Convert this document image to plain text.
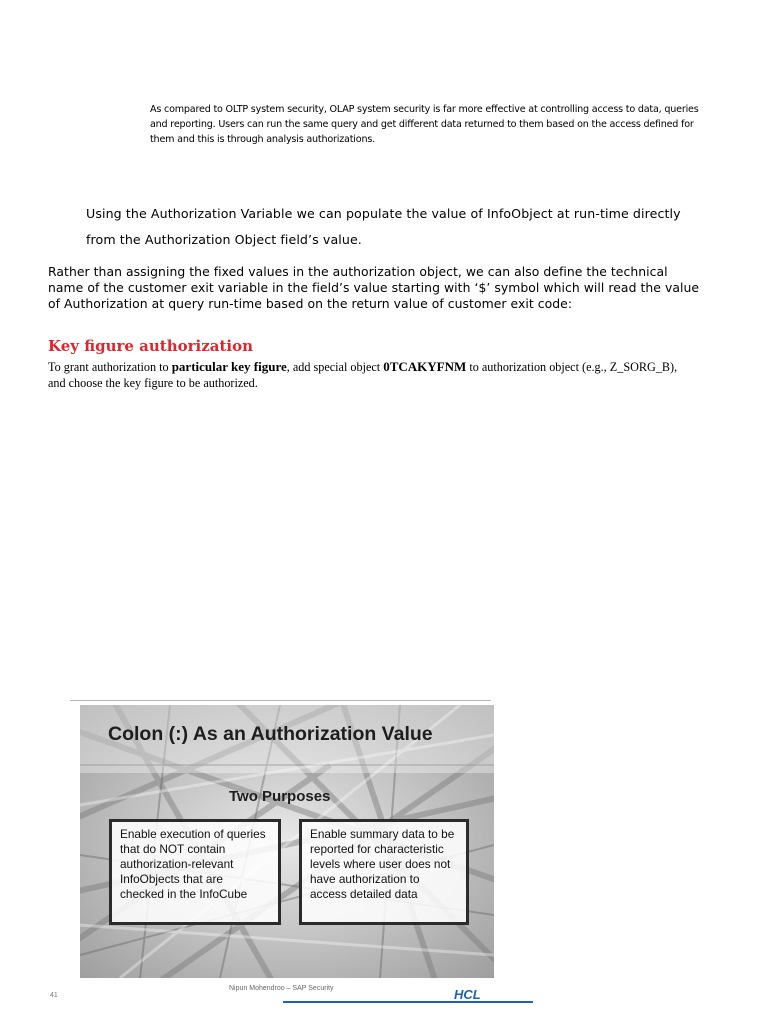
As compared to OLTP system security, OLAP system security is far more effective at controlling access to data, queries
and reporting. Users can run the same query and get different data returned to them based on the access defined for
them and this is through analysis authorizations.
Using the Authorization Variable we can populate the value of InfoObject at run-time directly
from the Authorization Object field’s value.
Rather than assigning the fixed values in the authorization object, we can also define the technical
name of the customer exit variable in the field’s value starting with ‘$’ symbol which will read the value
of Authorization at query run-time based on the return value of customer exit code:
Key figure authorization
To grant authorization to particular key figure, add special object 0TCAKYFNM to authorization object (e.g., Z_SORG_B),
and choose the key figure to be authorized.
Colon (:) As an Authorization Value
Two Purposes
Enable execution of queries
that do NOT contain
authorization-relevant
InfoObjects that are
checked in the InfoCube
Enable summary data to be
reported for characteristic
levels where user does not
have authorization to
access detailed data
41
Nipun Mohendroo – SAP Security	HCL
